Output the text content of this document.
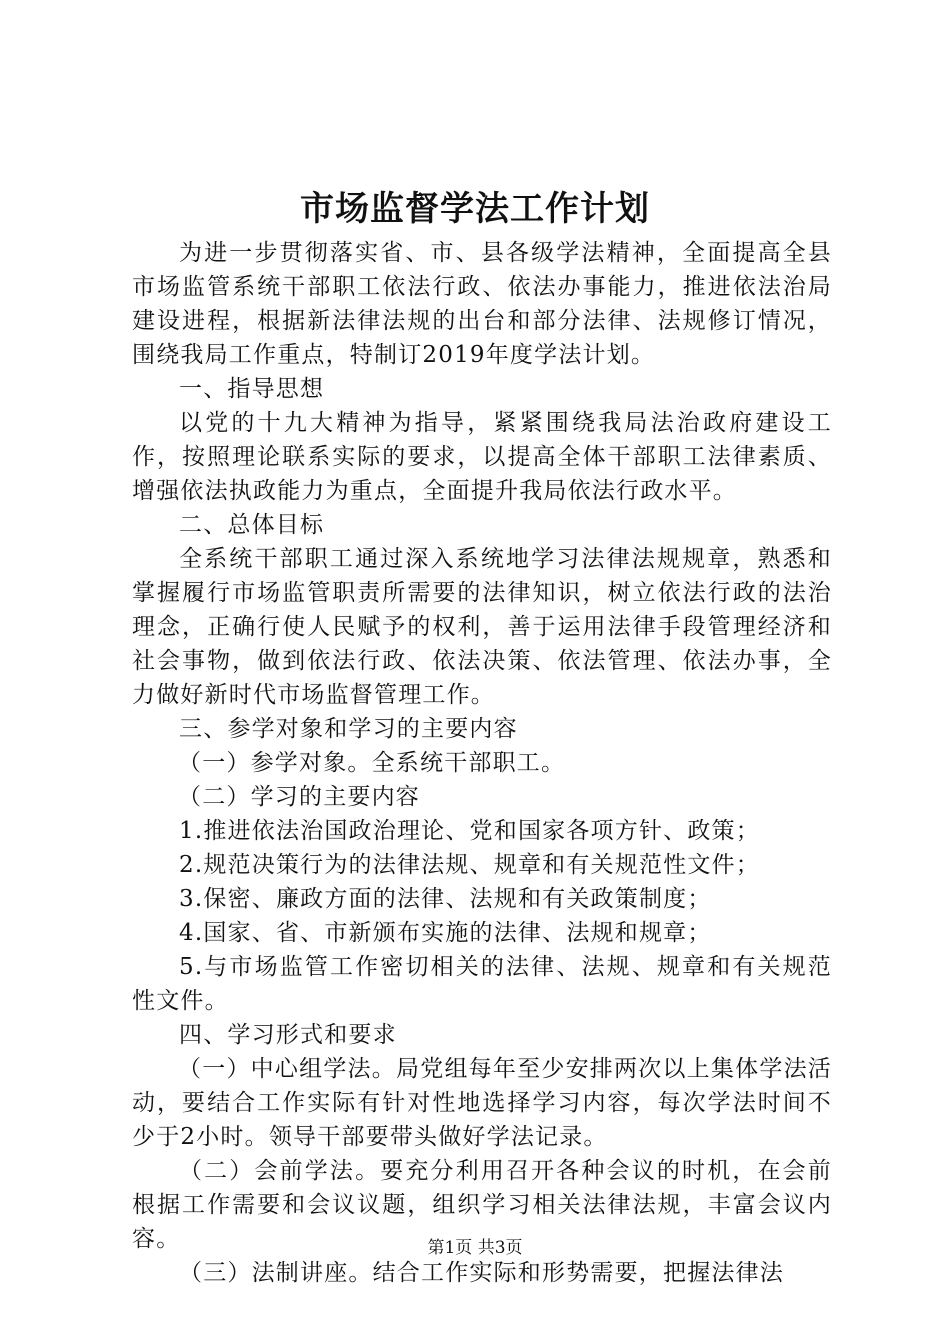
市场监督学法工作计划

为进一步贯彻落实省、市、县各级学法精神，全面提高全县市场监管系统干部职工依法行政、依法办事能力，推进依法治局建设进程，根据新法律法规的出台和部分法律、法规修订情况，围绕我局工作重点，特制订2019年度学法计划。

一、指导思想

以党的十九大精神为指导，紧紧围绕我局法治政府建设工作，按照理论联系实际的要求，以提高全体干部职工法律素质、增强依法执政能力为重点，全面提升我局依法行政水平。

二、总体目标

全系统干部职工通过深入系统地学习法律法规规章，熟悉和掌握履行市场监管职责所需要的法律知识，树立依法行政的法治理念，正确行使人民赋予的权利，善于运用法律手段管理经济和社会事物，做到依法行政、依法决策、依法管理、依法办事，全力做好新时代市场监督管理工作。

三、参学对象和学习的主要内容

（一）参学对象。全系统干部职工。

（二）学习的主要内容

1.推进依法治国政治理论、党和国家各项方针、政策；

2.规范决策行为的法律法规、规章和有关规范性文件；

3.保密、廉政方面的法律、法规和有关政策制度；

4.国家、省、市新颁布实施的法律、法规和规章；

5.与市场监管工作密切相关的法律、法规、规章和有关规范性文件。

四、学习形式和要求

（一）中心组学法。局党组每年至少安排两次以上集体学法活动，要结合工作实际有针对性地选择学习内容，每次学法时间不少于2小时。领导干部要带头做好学法记录。

（二）会前学法。要充分利用召开各种会议的时机，在会前根据工作需要和会议议题，组织学习相关法律法规，丰富会议内容。

（三）法制讲座。结合工作实际和形势需要，把握法律法

第1页 共3页
